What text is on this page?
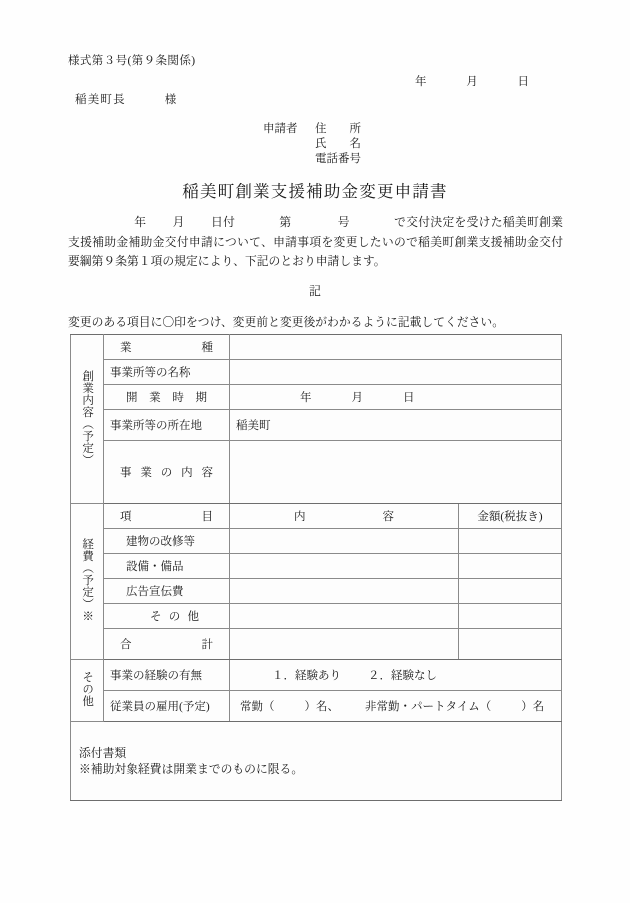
様式第３号(第９条関係)
年	月	日
稲美町長	様
申請者 住　　所
氏　　名
電話番号
稲美町創業支援補助金変更申請書
年 月 日付	第	号	で交付決定を受けた稲美町創業支援補助金補助金交付申請について、申請事項を変更したいので稲美町創業支援補助金交付要綱第９条第１項の規定により、下記のとおり申請します。
記
変更のある項目に〇印をつけ、変更前と変更後がわかるように記載してください。
創業内容（予定）	業種		

	事業所等の名称		

	開業時期	年 月 日	
	事業所等の所在地	稲美町	

	事業の内容		

経費（予定）※	項目	内容	金額(税抜き)
	建物の改修等		
	設備・備品		
	広告宣伝費		

	その他		

	合計		

その他	事業の経験の有無	１．経験あり ２．経験なし	
	従業員の雇用(予定)	常勤（ ）名、 非常勤・パートタイム（ ）名	

添付書類
※補助対象経費は開業までのものに限る。			
